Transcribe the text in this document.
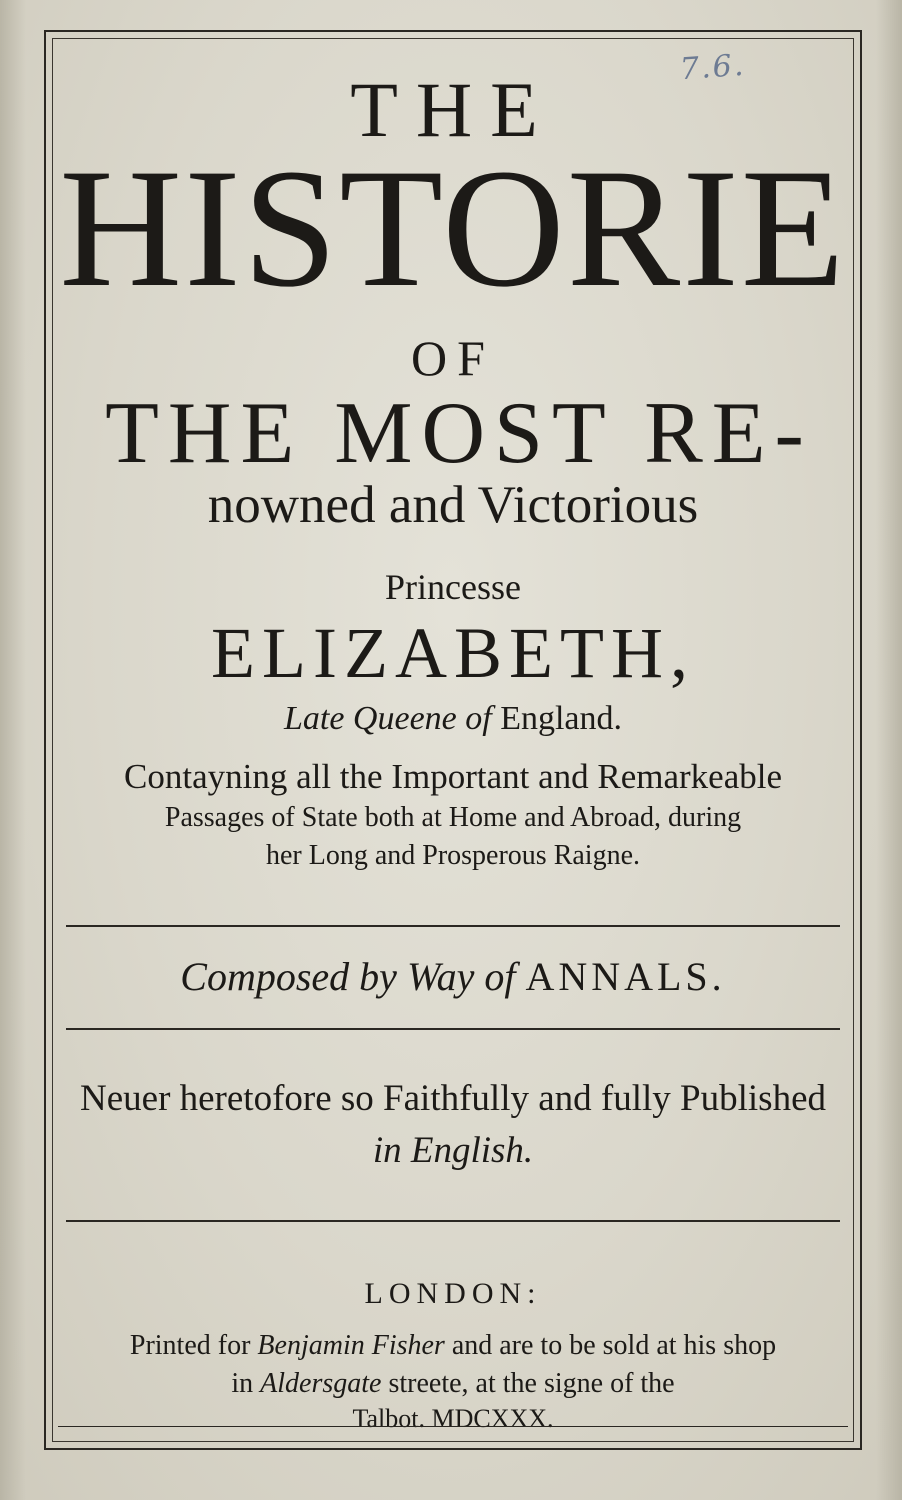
7.6.
THE
HISTORIE
OF
THE MOST RE-
nowned and Victorious
Princesse
ELIZABETH,
Late Queene of England.
Contayning all the Important and Remarkeable
Passages of State both at Home and Abroad, during
her Long and Prosperous Raigne.
Composed by Way of ANNALS.
Neuer heretofore so Faithfully and fully Published
in English.
LONDON:
Printed for Benjamin Fisher and are to be sold at his shop
in Aldersgate streete, at the signe of the
Talbot. MDCXXX.
